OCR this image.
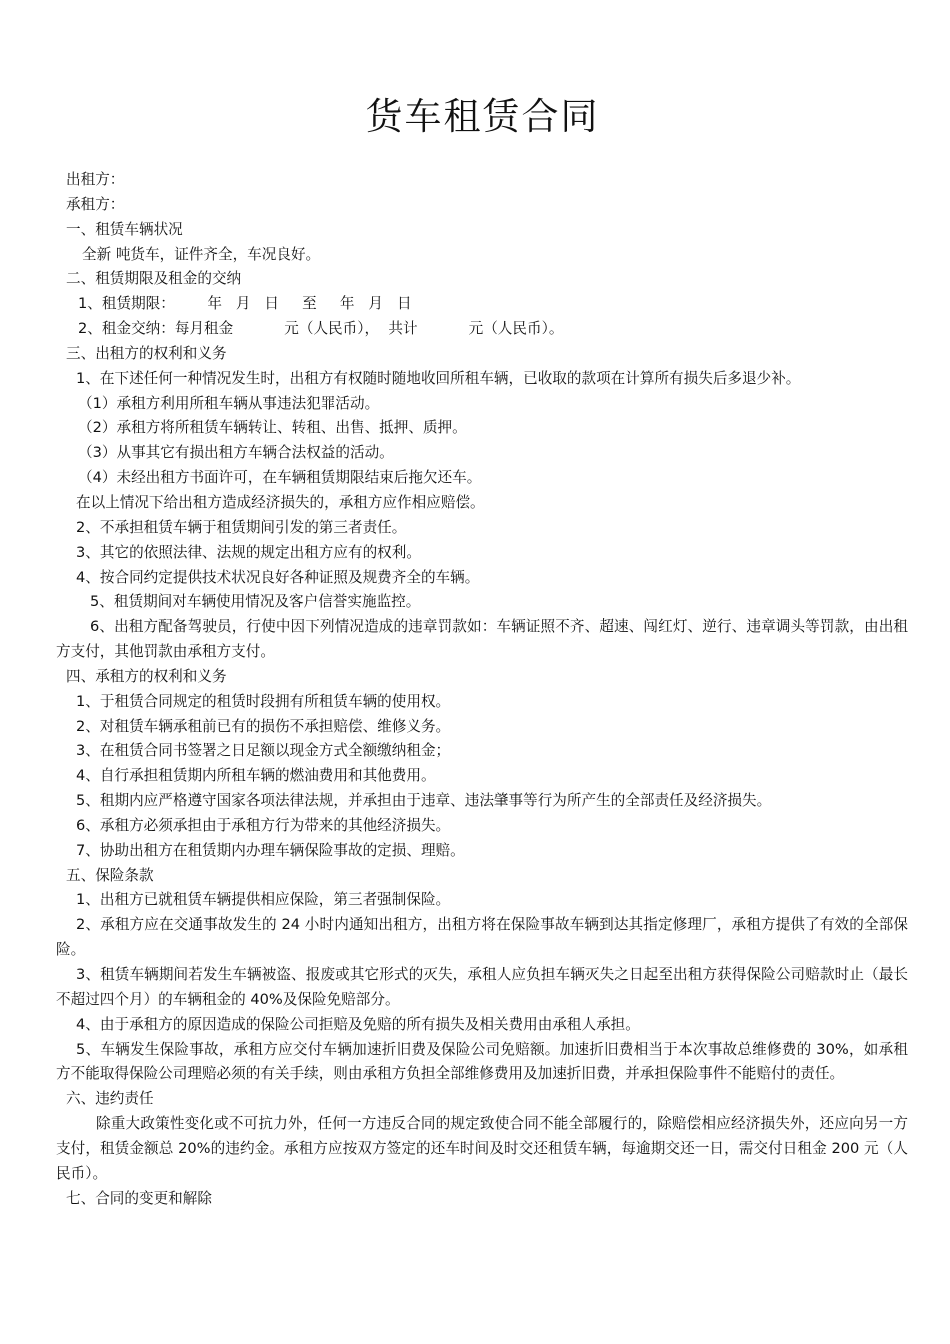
货车租赁合同
出租方：
承租方：
一、租赁车辆状况
全新 吨货车，证件齐全，车况良好。
二、租赁期限及租金的交纳
1、租赁期限：       年   月   日     至     年   月   日
2、租金交纳：每月租金           元（人民币），  共计           元（人民币）。
三、出租方的权利和义务
1、在下述任何一种情况发生时，出租方有权随时随地收回所租车辆，已收取的款项在计算所有损失后多退少补。
（1）承租方利用所租车辆从事违法犯罪活动。
（2）承租方将所租赁车辆转让、转租、出售、抵押、质押。
（3）从事其它有损出租方车辆合法权益的活动。
（4）未经出租方书面许可，在车辆租赁期限结束后拖欠还车。
在以上情况下给出租方造成经济损失的，承租方应作相应赔偿。
2、不承担租赁车辆于租赁期间引发的第三者责任。
3、其它的依照法律、法规的规定出租方应有的权利。
4、按合同约定提供技术状况良好各种证照及规费齐全的车辆。
5、租赁期间对车辆使用情况及客户信誉实施监控。
6、出租方配备驾驶员，行使中因下列情况造成的违章罚款如：车辆证照不齐、超速、闯红灯、逆行、违章调头等罚款，由出租方支付，其他罚款由承租方支付。
四、承租方的权利和义务
1、于租赁合同规定的租赁时段拥有所租赁车辆的使用权。
2、对租赁车辆承租前已有的损伤不承担赔偿、维修义务。
3、在租赁合同书签署之日足额以现金方式全额缴纳租金；
4、自行承担租赁期内所租车辆的燃油费用和其他费用。
5、租期内应严格遵守国家各项法律法规，并承担由于违章、违法肇事等行为所产生的全部责任及经济损失。
6、承租方必须承担由于承租方行为带来的其他经济损失。
7、协助出租方在租赁期内办理车辆保险事故的定损、理赔。
五、保险条款
1、出租方已就租赁车辆提供相应保险，第三者强制保险。
2、承租方应在交通事故发生的 24 小时内通知出租方，出租方将在保险事故车辆到达其指定修理厂，承租方提供了有效的全部保险。
3、租赁车辆期间若发生车辆被盗、报废或其它形式的灭失，承租人应负担车辆灭失之日起至出租方获得保险公司赔款时止（最长不超过四个月）的车辆租金的 40%及保险免赔部分。
4、由于承租方的原因造成的保险公司拒赔及免赔的所有损失及相关费用由承租人承担。
5、车辆发生保险事故，承租方应交付车辆加速折旧费及保险公司免赔额。加速折旧费相当于本次事故总维修费的 30%，如承租方不能取得保险公司理赔必须的有关手续，则由承租方负担全部维修费用及加速折旧费，并承担保险事件不能赔付的责任。
六、违约责任
除重大政策性变化或不可抗力外，任何一方违反合同的规定致使合同不能全部履行的，除赔偿相应经济损失外，还应向另一方支付，租赁金额总 20%的违约金。承租方应按双方签定的还车时间及时交还租赁车辆，每逾期交还一日，需交付日租金 200 元（人民币）。
七、合同的变更和解除
